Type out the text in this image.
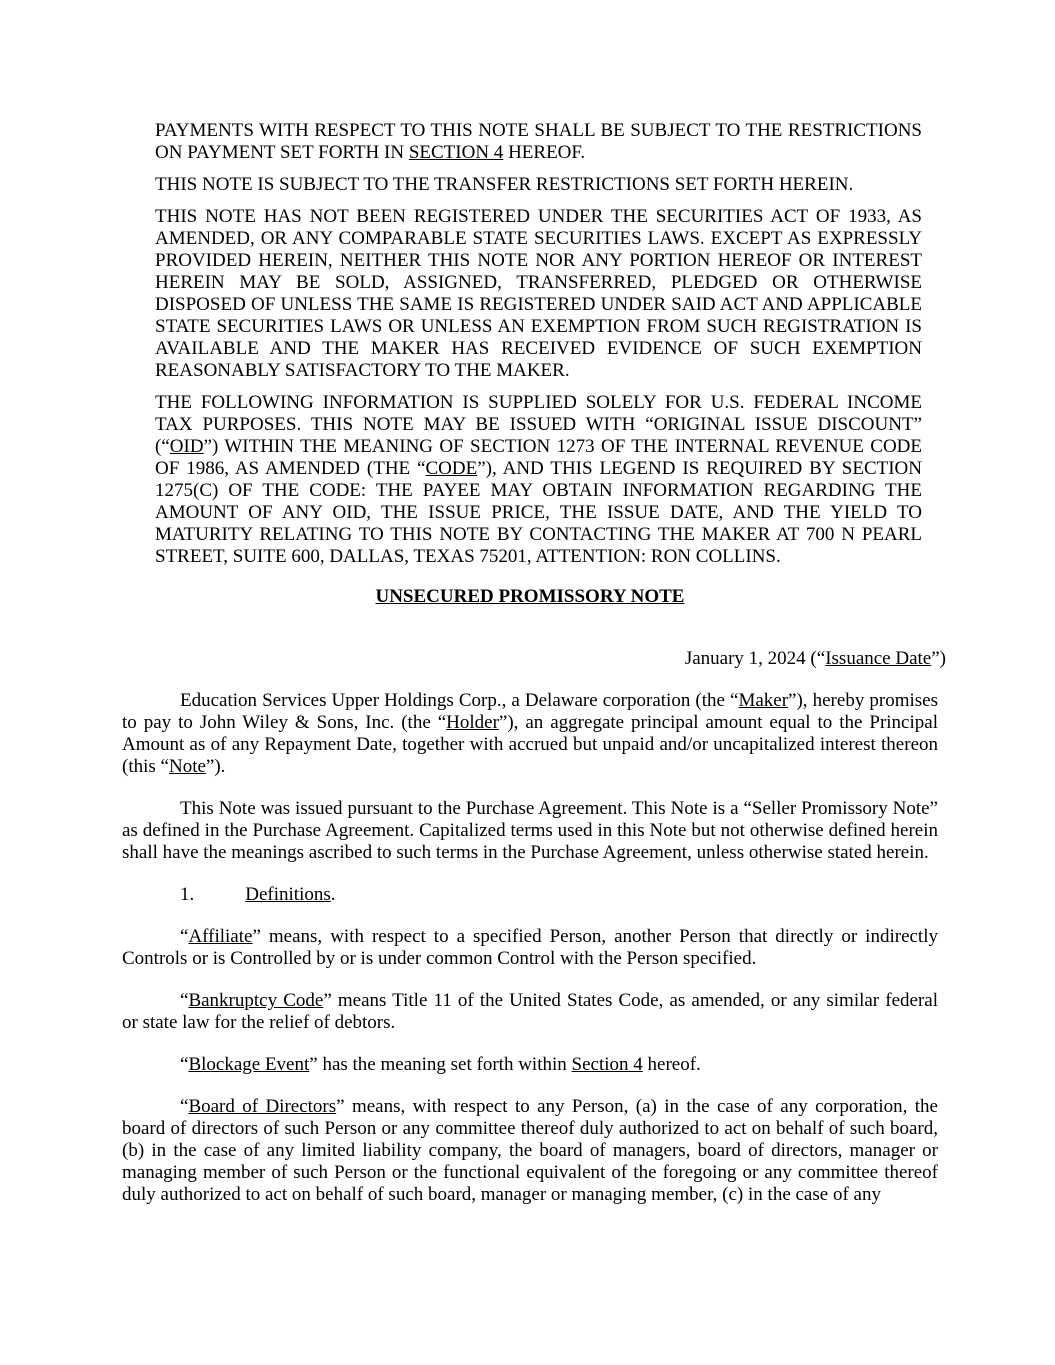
PAYMENTS WITH RESPECT TO THIS NOTE SHALL BE SUBJECT TO THE RESTRICTIONS ON PAYMENT SET FORTH IN SECTION 4 HEREOF.

THIS NOTE IS SUBJECT TO THE TRANSFER RESTRICTIONS SET FORTH HEREIN.

THIS NOTE HAS NOT BEEN REGISTERED UNDER THE SECURITIES ACT OF 1933, AS AMENDED, OR ANY COMPARABLE STATE SECURITIES LAWS. EXCEPT AS EXPRESSLY PROVIDED HEREIN, NEITHER THIS NOTE NOR ANY PORTION HEREOF OR INTEREST HEREIN MAY BE SOLD, ASSIGNED, TRANSFERRED, PLEDGED OR OTHERWISE DISPOSED OF UNLESS THE SAME IS REGISTERED UNDER SAID ACT AND APPLICABLE STATE SECURITIES LAWS OR UNLESS AN EXEMPTION FROM SUCH REGISTRATION IS AVAILABLE AND THE MAKER HAS RECEIVED EVIDENCE OF SUCH EXEMPTION REASONABLY SATISFACTORY TO THE MAKER.

THE FOLLOWING INFORMATION IS SUPPLIED SOLELY FOR U.S. FEDERAL INCOME TAX PURPOSES. THIS NOTE MAY BE ISSUED WITH “ORIGINAL ISSUE DISCOUNT” (“OID”) WITHIN THE MEANING OF SECTION 1273 OF THE INTERNAL REVENUE CODE OF 1986, AS AMENDED (THE “CODE”), AND THIS LEGEND IS REQUIRED BY SECTION 1275(C) OF THE CODE: THE PAYEE MAY OBTAIN INFORMATION REGARDING THE AMOUNT OF ANY OID, THE ISSUE PRICE, THE ISSUE DATE, AND THE YIELD TO MATURITY RELATING TO THIS NOTE BY CONTACTING THE MAKER AT 700 N PEARL STREET, SUITE 600, DALLAS, TEXAS 75201, ATTENTION: RON COLLINS.

UNSECURED PROMISSORY NOTE

January 1, 2024 (“Issuance Date”)

Education Services Upper Holdings Corp., a Delaware corporation (the “Maker”), hereby promises to pay to John Wiley & Sons, Inc. (the “Holder”), an aggregate principal amount equal to the Principal Amount as of any Repayment Date, together with accrued but unpaid and/or uncapitalized interest thereon (this “Note”).

This Note was issued pursuant to the Purchase Agreement. This Note is a “Seller Promissory Note” as defined in the Purchase Agreement. Capitalized terms used in this Note but not otherwise defined herein shall have the meanings ascribed to such terms in the Purchase Agreement, unless otherwise stated herein.

1.	Definitions.

“Affiliate” means, with respect to a specified Person, another Person that directly or indirectly Controls or is Controlled by or is under common Control with the Person specified.

“Bankruptcy Code” means Title 11 of the United States Code, as amended, or any similar federal or state law for the relief of debtors.

“Blockage Event” has the meaning set forth within Section 4 hereof.

“Board of Directors” means, with respect to any Person, (a) in the case of any corporation, the board of directors of such Person or any committee thereof duly authorized to act on behalf of such board, (b) in the case of any limited liability company, the board of managers, board of directors, manager or managing member of such Person or the functional equivalent of the foregoing or any committee thereof duly authorized to act on behalf of such board, manager or managing member, (c) in the case of any
